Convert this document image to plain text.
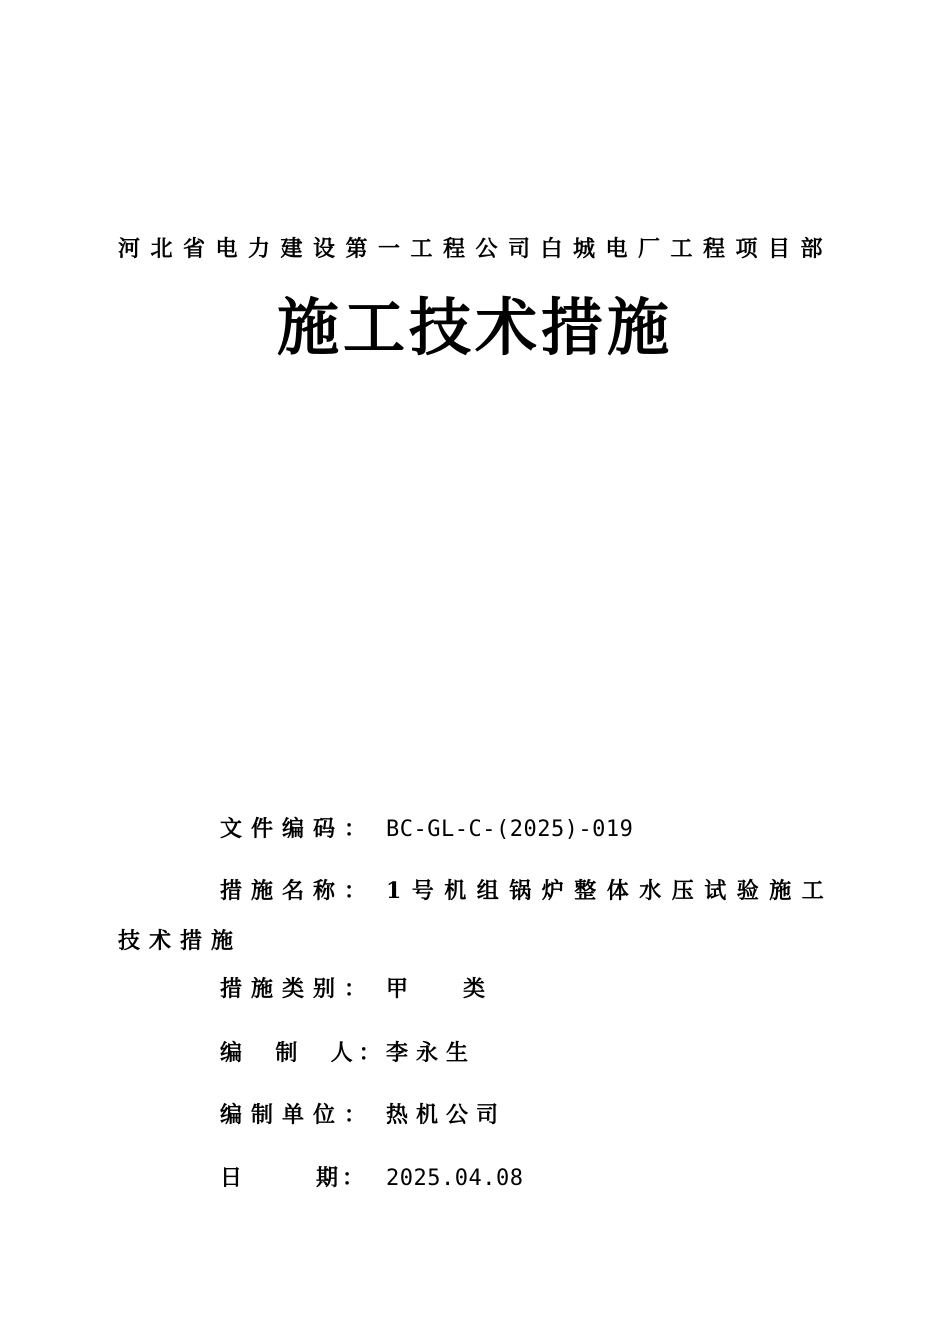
河北省电力建设第一工程公司白城电厂工程项目部
施工技术措施
文件编码： BC-GL-C-(2025)-019
措施名称： 1号机组锅炉整体水压试验施工
技术措施
措施类别： 甲   类
编  制  人：李永生
编制单位： 热机公司
日      期： 2025.04.08
